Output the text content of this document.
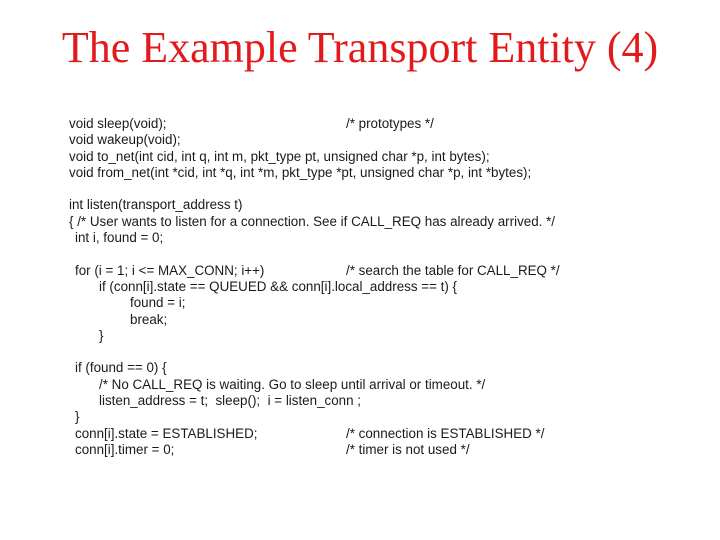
The Example Transport Entity (4)
void sleep(void);	/* prototypes */
void wakeup(void);
void to_net(int cid, int q, int m, pkt_type pt, unsigned char *p, int bytes);
void from_net(int *cid, int *q, int *m, pkt_type *pt, unsigned char *p, int *bytes);
int listen(transport_address t)
{ /* User wants to listen for a connection. See if CALL_REQ has already arrived. */
int i, found = 0;
for (i = 1; i <= MAX_CONN; i++)	/* search the table for CALL_REQ */
if (conn[i].state == QUEUED && conn[i].local_address == t) {
found = i;
break;
}
if (found == 0) {
/* No CALL_REQ is waiting. Go to sleep until arrival or timeout. */
listen_address = t;  sleep();  i = listen_conn ;
}
conn[i].state = ESTABLISHED;	/* connection is ESTABLISHED */
conn[i].timer = 0;	/* timer is not used */
